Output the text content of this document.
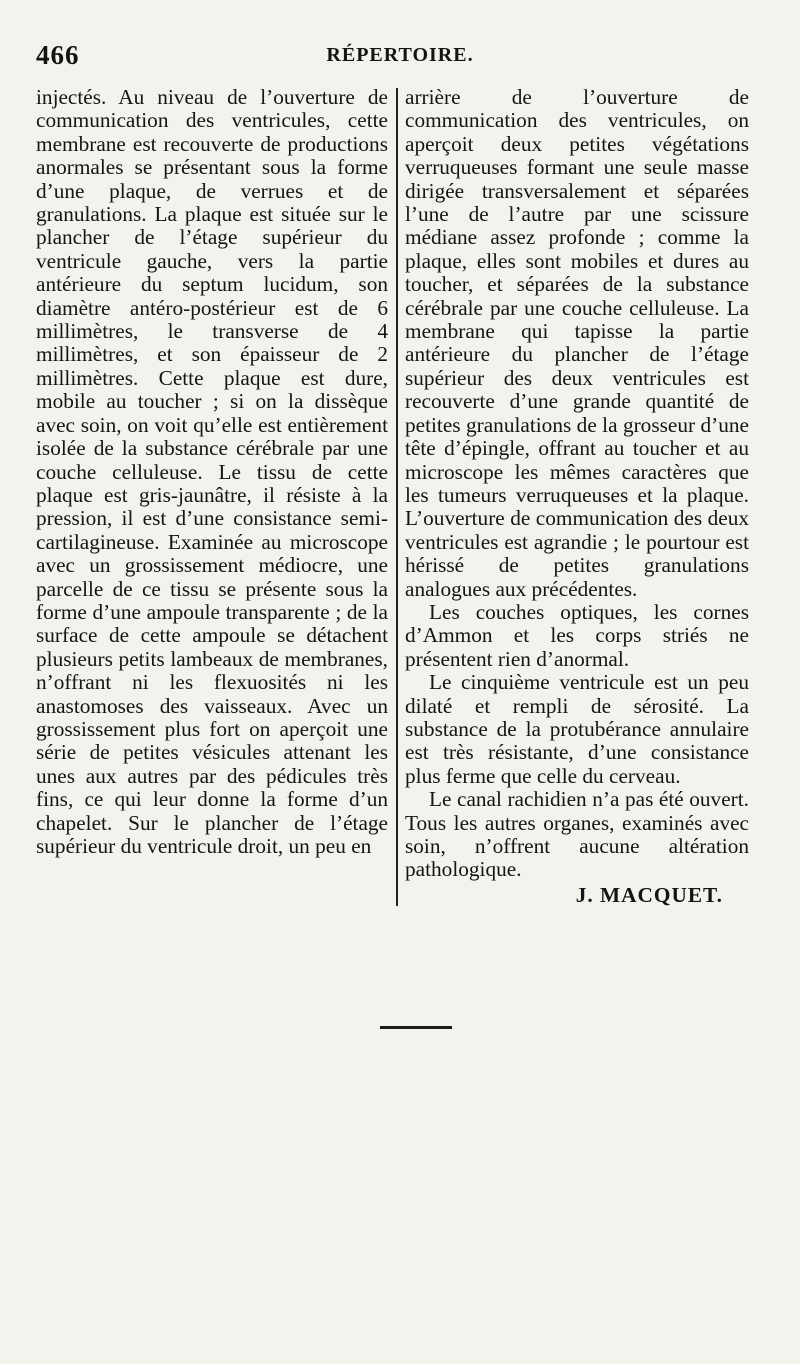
466	RÉPERTOIRE.

injectés. Au niveau de l’ouverture de communication des ventricules, cette membrane est recouverte de productions anormales se présentant sous la forme d’une plaque, de verrues et de granulations. La plaque est située sur le plancher de l’étage supérieur du ventricule gauche, vers la partie antérieure du septum lucidum, son diamètre antéro-postérieur est de 6 millimètres, le transverse de 4 millimètres, et son épaisseur de 2 millimètres. Cette plaque est dure, mobile au toucher ; si on la dissèque avec soin, on voit qu’elle est entièrement isolée de la substance cérébrale par une couche celluleuse. Le tissu de cette plaque est gris-jaunâtre, il résiste à la pression, il est d’une consistance semi-cartilagineuse. Examinée au microscope avec un grossissement médiocre, une parcelle de ce tissu se présente sous la forme d’une ampoule transparente ; de la surface de cette ampoule se détachent plusieurs petits lambeaux de membranes, n’offrant ni les flexuosités ni les anastomoses des vaisseaux. Avec un grossissement plus fort on aperçoit une série de petites vésicules attenant les unes aux autres par des pédicules très fins, ce qui leur donne la forme d’un chapelet. Sur le plancher de l’étage supérieur du ventricule droit, un peu en

arrière de l’ouverture de communication des ventricules, on aperçoit deux petites végétations verruqueuses formant une seule masse dirigée transversalement et séparées l’une de l’autre par une scissure médiane assez profonde ; comme la plaque, elles sont mobiles et dures au toucher, et séparées de la substance cérébrale par une couche celluleuse. La membrane qui tapisse la partie antérieure du plancher de l’étage supérieur des deux ventricules est recouverte d’une grande quantité de petites granulations de la grosseur d’une tête d’épingle, offrant au toucher et au microscope les mêmes caractères que les tumeurs verruqueuses et la plaque. L’ouverture de communication des deux ventricules est agrandie ; le pourtour est hérissé de petites granulations analogues aux précédentes.

Les couches optiques, les cornes d’Ammon et les corps striés ne présentent rien d’anormal.

Le cinquième ventricule est un peu dilaté et rempli de sérosité. La substance de la protubérance annulaire est très résistante, d’une consistance plus ferme que celle du cerveau.

Le canal rachidien n’a pas été ouvert. Tous les autres organes, examinés avec soin, n’offrent aucune altération pathologique.

J. MACQUET.
